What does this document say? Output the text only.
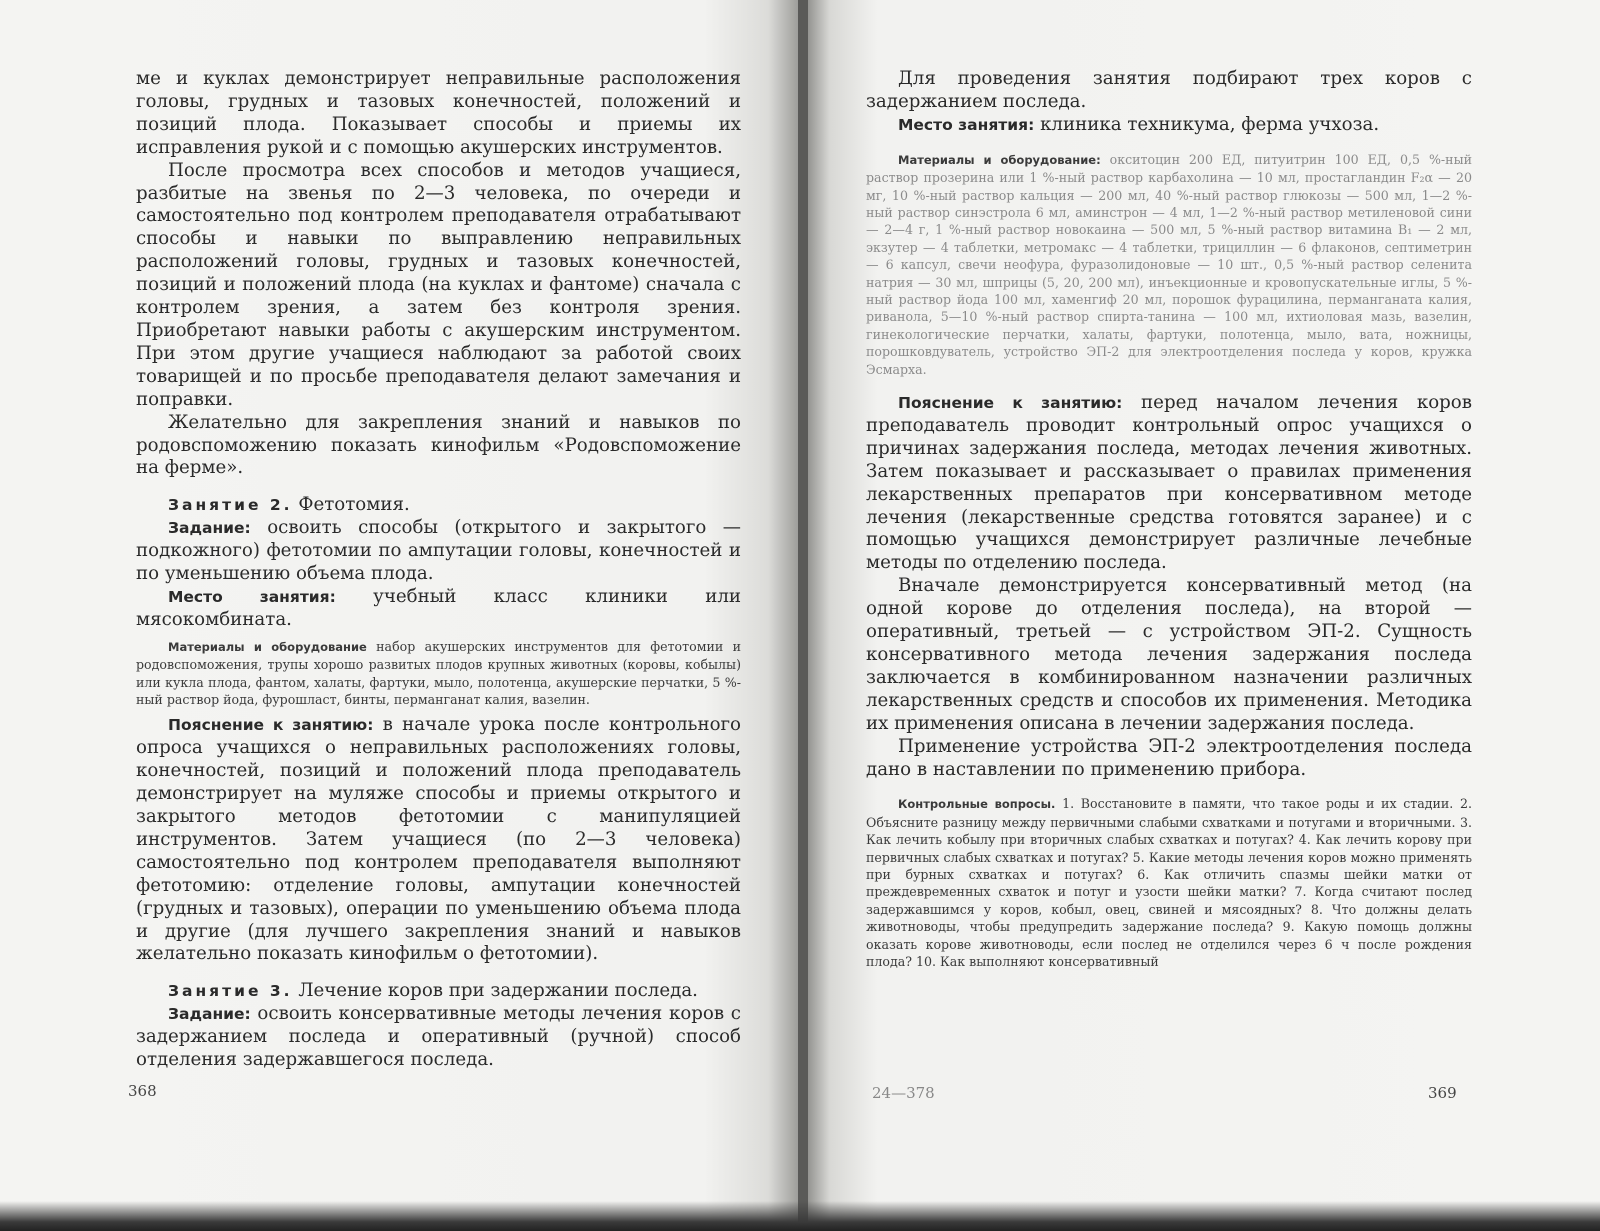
ме и куклах демонстрирует неправильные расположения головы, грудных и тазовых конечностей, положений и позиций плода. Показывает способы и приемы их исправления рукой и с помощью акушерских инструментов.

После просмотра всех способов и методов учащиеся, разбитые на звенья по 2—3 человека, по очереди и самостоятельно под контролем преподавателя отрабатывают способы и навыки по выправлению неправильных расположений головы, грудных и тазовых конечностей, позиций и положений плода (на куклах и фантоме) сначала с контролем зрения, а затем без контроля зрения. Приобретают навыки работы с акушерским инструментом. При этом другие учащиеся наблюдают за работой своих товарищей и по просьбе преподавателя делают замечания и поправки.

Желательно для закрепления знаний и навыков по родовспоможению показать кинофильм «Родовспоможение на ферме».

Занятие 2. Фетотомия.

Задание: освоить способы (открытого и закрытого — подкожного) фетотомии по ампутации головы, конечностей и по уменьшению объема плода.

Место занятия: учебный класс клиники или мясокомбината.

Материалы и оборудование набор акушерских инструментов для фетотомии и родовспоможения, трупы хорошо развитых плодов крупных животных (коровы, кобылы) или кукла плода, фантом, халаты, фартуки, мыло, полотенца, акушерские перчатки, 5 %-ный раствор йода, фурошласт, бинты, перманганат калия, вазелин.

Пояснение к занятию: в начале урока после контрольного опроса учащихся о неправильных расположениях головы, конечностей, позиций и положений плода преподаватель демонстрирует на муляже способы и приемы открытого и закрытого методов фетотомии с манипуляцией инструментов. Затем учащиеся (по 2—3 человека) самостоятельно под контролем преподавателя выполняют фетотомию: отделение головы, ампутации конечностей (грудных и тазовых), операции по уменьшению объема плода и другие (для лучшего закрепления знаний и навыков желательно показать кинофильм о фетотомии).

Занятие 3. Лечение коров при задержании последа.

Задание: освоить консервативные методы лечения коров с задержанием последа и оперативный (ручной) способ отделения задержавшегося последа.

368

Для проведения занятия подбирают трех коров с задержанием последа.

Место занятия: клиника техникума, ферма учхоза.

Материалы и оборудование: окситоцин 200 ЕД, питуитрин 100 ЕД, 0,5 %-ный раствор прозерина или 1 %-ный раствор карбахолина — 10 мл, простагландин F₂α — 20 мг, 10 %-ный раствор кальция — 200 мл, 40 %-ный раствор глюкозы — 500 мл, 1—2 %-ный раствор синэстрола 6 мл, аминстрон — 4 мл, 1—2 %-ный раствор метиленовой сини — 2—4 г, 1 %-ный раствор новокаина — 500 мл, 5 %-ный раствор витамина B₁ — 2 мл, экзутер — 4 таблетки, метромакс — 4 таблетки, трициллин — 6 флаконов, септиметрин — 6 капсул, свечи неофура, фуразолидоновые — 10 шт., 0,5 %-ный раствор селенита натрия — 30 мл, шприцы (5, 20, 200 мл), инъекционные и кровопускательные иглы, 5 %-ный раствор йода 100 мл, хаменгиф 20 мл, порошок фурацилина, перманганата калия, риванола, 5—10 %-ный раствор спирта-танина — 100 мл, ихтиоловая мазь, вазелин, гинекологические перчатки, халаты, фартуки, полотенца, мыло, вата, ножницы, порошковдуватель, устройство ЭП-2 для электроотделения последа у коров, кружка Эсмарха.

Пояснение к занятию: перед началом лечения коров преподаватель проводит контрольный опрос учащихся о причинах задержания последа, методах лечения животных. Затем показывает и рассказывает о правилах применения лекарственных препаратов при консервативном методе лечения (лекарственные средства готовятся заранее) и с помощью учащихся демонстрирует различные лечебные методы по отделению последа.

Вначале демонстрируется консервативный метод (на одной корове до отделения последа), на второй — оперативный, третьей — с устройством ЭП-2. Сущность консервативного метода лечения задержания последа заключается в комбинированном назначении различных лекарственных средств и способов их применения. Методика их применения описана в лечении задержания последа.

Применение устройства ЭП-2 электроотделения последа дано в наставлении по применению прибора.

Контрольные вопросы. 1. Восстановите в памяти, что такое роды и их стадии. 2. Объясните разницу между первичными слабыми схватками и потугами и вторичными. 3. Как лечить кобылу при вторичных слабых схватках и потугах? 4. Как лечить корову при первичных слабых схватках и потугах? 5. Какие методы лечения коров можно применять при бурных схватках и потугах? 6. Как отличить спазмы шейки матки от преждевременных схваток и потуг и узости шейки матки? 7. Когда считают послед задержавшимся у коров, кобыл, овец, свиней и мясоядных? 8. Что должны делать животноводы, чтобы предупредить задержание последа? 9. Какую помощь должны оказать корове животноводы, если послед не отделился через 6 ч после рождения плода? 10. Как выполняют консервативный

24—378	369
